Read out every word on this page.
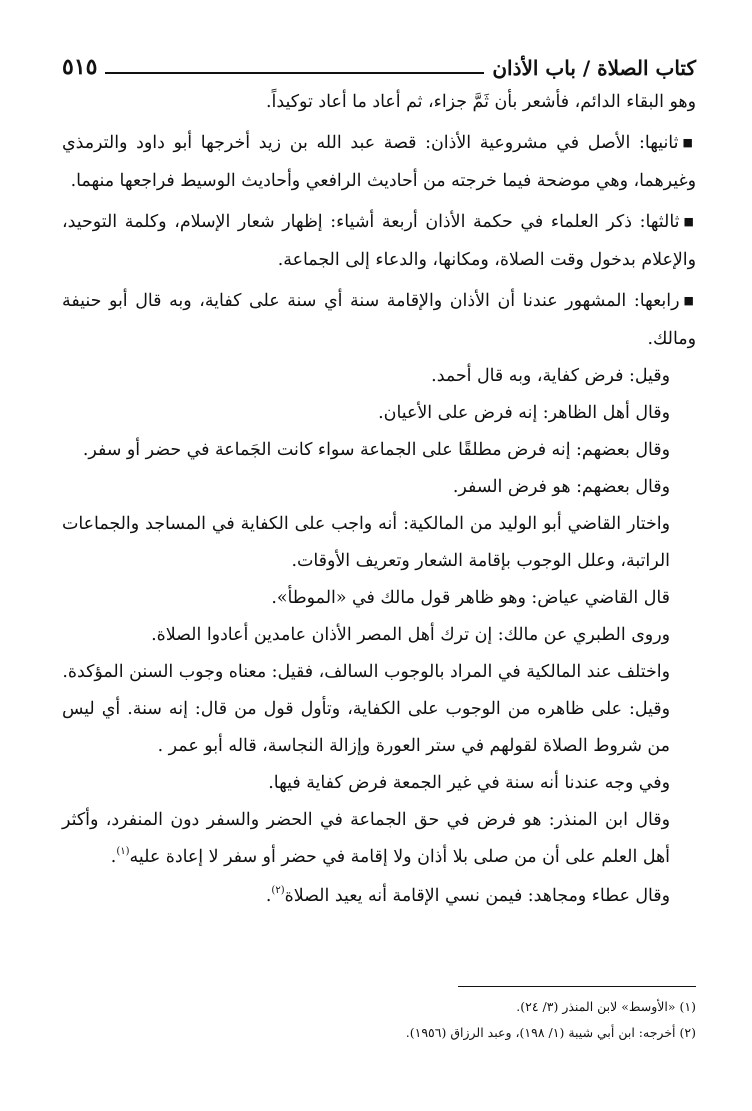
كتاب الصلاة / باب الأذان
٥١٥

وهو البقاء الدائم، فأشعر بأن ثَمَّ جزاء، ثم أعاد ما أعاد توكيداً.

■ثانيها: الأصل في مشروعية الأذان: قصة عبد الله بن زيد أخرجها أبو داود والترمذي وغيرهما، وهي موضحة فيما خرجته من أحاديث الرافعي وأحاديث الوسيط فراجعها منهما.

■ثالثها: ذكر العلماء في حكمة الأذان أربعة أشياء: إظهار شعار الإسلام، وكلمة التوحيد، والإعلام بدخول وقت الصلاة، ومكانها، والدعاء إلى الجماعة.

■رابعها: المشهور عندنا أن الأذان والإقامة سنة أي سنة على كفاية، وبه قال أبو حنيفة ومالك.

وقيل: فرض كفاية، وبه قال أحمد.

وقال أهل الظاهر: إنه فرض على الأعيان.

وقال بعضهم: إنه فرض مطلقًا على الجماعة سواء كانت الجَماعة في حضر أو سفر.

وقال بعضهم: هو فرض السفر.

واختار القاضي أبو الوليد من المالكية: أنه واجب على الكفاية في المساجد والجماعات الراتبة، وعلل الوجوب بإقامة الشعار وتعريف الأوقات.

قال القاضي عياض: وهو ظاهر قول مالك في «الموطأ».

وروى الطبري عن مالك: إن ترك أهل المصر الأذان عامدين أعادوا الصلاة.

واختلف عند المالكية في المراد بالوجوب السالف، فقيل: معناه وجوب السنن المؤكدة.

وقيل: على ظاهره من الوجوب على الكفاية، وتأول قول من قال: إنه سنة. أي ليس من شروط الصلاة لقولهم في ستر العورة وإزالة النجاسة، قاله أبو عمر .

وفي وجه عندنا أنه سنة في غير الجمعة فرض كفاية فيها.

وقال ابن المنذر: هو فرض في حق الجماعة في الحضر والسفر دون المنفرد، وأكثر أهل العلم على أن من صلى بلا أذان ولا إقامة في حضر أو سفر لا إعادة عليه$^{(١)}$.

وقال عطاء ومجاهد: فيمن نسي الإقامة أنه يعيد الصلاة$^{(٢)}$.

(١) «الأوسط» لابن المنذر (٣/ ٢٤).

(٢) أخرجه: ابن أبي شيبة (١/ ١٩٨)، وعبد الرزاق (١٩٥٦).
